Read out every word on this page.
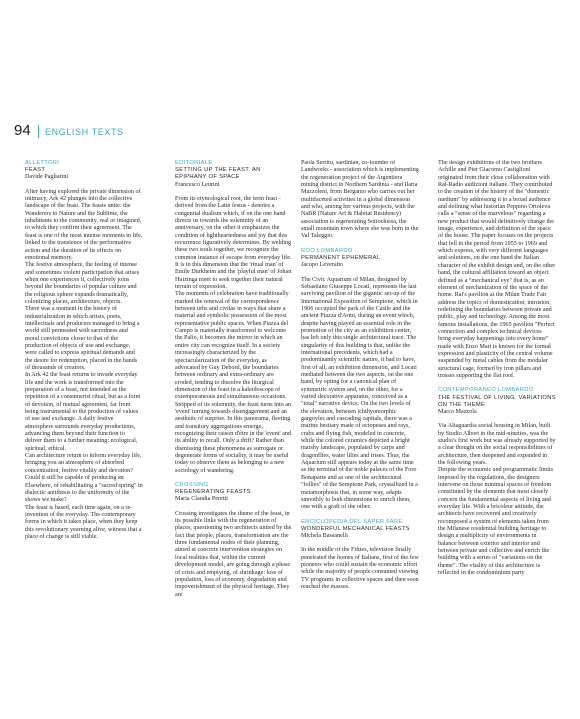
94 ENGLISH TEXTS

ALLETTORI

FEAST

Davide Pagliarini

After having explored the private dimension of intimacy, Ark 42 plunges into the collective landscape of the feast. The feasts unite: the Wanderers to Nature and the Sublime, the inhabitants to the community, real or imagined, to which they confirm their agreement. The feast is one of the most intense moments in life, linked to the transience of the performative action and the duration of its effects on emotional memory.

The festive atmosphere, the feeling of intense and sometimes violent participation that arises when one experiences it, collectively joins beyond the boundaries of popular culture and the religious sphere expands dramatically, colonizing places, architecture, objects.

There was a moment in the history of industrialization in which artists, poets, intellectuals and producers managed to bring a world still permeated with sacredness and moral convictions closer to that of the production of objects of use and exchange, were called to express spiritual demands and the desire for redemption, placed in the hands of thousands of creators.

In Ark 42 the feast returns to invade everyday life and the work is transformed into the preparation of a feast, not intended as the repetition of a consumerist ritual, but as a form of devotion, of mutual agreement, far from being instrumental to the production of values of use and exchange. A daily festive atmosphere surrounds everyday productions, advancing them beyond their function to deliver them to a further meaning: ecological, spiritual, ethical.

Can architecture return to inform everyday life, bringing you an atmosphere of absorbed concentration, festive vitality and devotion? Could it still be capable of producing an Elsewhere, of rehabilitating a "sacred spring" in dialectic antithesis to the uniformity of the shows we make?

The feast is based, each time again, on a re-invention of the everyday. The contemporary forms in which it takes place, when they keep this revolutionary yearning alive, witness that a place of change is still viable.

EDITORIALE

SETTING UP THE FEAST. AN EPIPHANY OF SPACE

Francesco Leurini

From its etymological root, the term feast - derived from the Latin festus - denotes a congenital dualism which, if on the one hand directs us towards the solemnity of an anniversary, on the other it emphasizes the condition of lightheartedness and joy that this recurrence figuratively determines. By welding these two souls together, we recognize the common instance of escape from everyday life. It is in this dimension that the 'ritual man' of Emile Durkheim and the 'playful man' of Johan Huizinga meet to seek together their natural terrain of expression.

The moments of celebration have traditionally marked the renewal of the correspondence between urbs and civitas in ways that share a material and symbolic possession of the most representative public spaces. When Piazza del Campo is materially transformed to welcome the Palio, it becomes the mirror in which an entire city can recognize itself. In a society increasingly characterized by the spectacularization of the everyday, as advocated by Guy Debord, the boundaries between ordinary and extra-ordinary are eroded, tending to dissolve the liturgical dimension of the feast in a kaleidoscope of extemporaneous and simultaneous occasions.

Stripped of its solemnity, the feast turns into an 'event' turning towards disengagement and an aesthetic of surprise. In this panorama, fleeting and transitory aggregations emerge, recognizing their raison d'être in the 'event' and its ability to recall. Only a drift? Rather than dismissing these phenomena as surrogate or degenerate forms of sociality, it may be useful today to observe them as belonging to a new sociology of wandering.

CROSSING

REGENERATING FEASTS

Maria Claudia Peretti

Crossing investigates the theme of the feast, in its possible links with the regeneration of places, questioning two architects united by the fact that people, places, transformation are the three fundamental nodes of their planning, aimed at concrete intervention strategies on local realities that, within the current development model, are going through a phase of crisis and emptying, of shrinkage: loss of population, loss of economy, degradation and impoverishment of the physical heritage. They are

Paola Serritu, sardinian, co-founder of Landworks - association which is implementing the regeneration project of the Argentiera mining district in Northern Sardinia - and Ilaria Mazzoleni, from Bergamo who carries out her multifaceted activities in a global dimension and who, among her various projects, with the NaBR (Nature Art & Habitat Residency) association is regenerating Sottochiesa, the small mountain town where she was born in the Val Taleggio.

ROO LOMBARDO

PERMANENT EPHEMERAL

Jacopo Leveratto

The Civic Aquarium of Milan, designed by Sebastiano Giuseppe Locati, represents the last surviving pavilion of the gigantic set-up of the International Exposition of Sempione, which in 1906 occupied the park of the Castle and the ancient Piazza d'Armi, during an event which, despite having played an essential role in the promotion of the city as an exhibition center, has left only this single architectural trace. The singularity of this building is that, unlike the international precedents, which had a predominantly scientific nature, it had to have, first of all, an exhibition dimension, and Locati mediated between the two aspects, on the one hand, by opting for a canonical plan of symmetric system and, on the other, for a varied decorative apparatus, conceived as a "total" narrative device. On the two levels of the elevation, between ichthyomorphic gargoyles and cascading capitals, there was a marine bestiary made of octopuses and rays, crabs and flying fish, modeled in concrete, while the colored ceramics depicted a bright marshy landscape, populated by carps and dragonflies, water lilies and irises. Thus, the Aquarium still appears today at the same time as the terminal of the noble palaces of the Foro Bonaparte and as one of the architectural "follies" of the Sempione Park, crystallized in a metamorphosis that, in some way, adapts smoothly to both dimensions to enrich them, one with a graft of the other.

ENCICLOPEDIA DEL SAPER FARE

WONDERFUL MECHANICAL FEASTS

Michela Bassanelli

In the middle of the Fifties, television finally penetrated the homes of Italians, first of the few pioneers who could sustain the economic effort while the majority of people consumed viewing TV programs in collective spaces and then soon reached the masses.

The design exhibitions of the two brothers Achille and Pier Giacomo Castiglioni originated from their close collaboration with Rai-Radio audizioni italiane. They contributed to the creation of the history of the "domestic medium" by addressing it to a broad audience and defining what historian Peppino Ortoleva calls a "sense of the marvelous" regarding a new product that would definitively change the image, experience, and definition of the space of the house. The paper focuses on the projects that fell in the period from 1955 to 1969 and which express, with very different languages and solutions, on the one hand the Italian character of the exhibit design and, on the other hand, the cultural affiliation toward an object defined as a "mechanical eye" that is, as an element of mechanization of the space of the home. Rai's pavilion at the Milan Trade Fair address the topics of domestication, intrusion, redefining the boundaries between private and public, play and technology. Among the most famous installations, the 1965 pavilion "Perfect connection and complex technical devices bring everyday happenings into every home" made with Enzo Mari is known for the formal expression and plasticity of the central volume suspended by metal cables from the modular structural cage, formed by iron pillars and trusses supporting the flat roof.

CONTEMPORANEO LOMBARDO

THE FESTIVAL OF LIVING. VARIATIONS ON THE THEME

Marco Mazzola

Via Altaguardia social housing in Milan, built by Studio Albori in the mid-nineties, was the studio's first work but was already supported by a clear thought on the social responsibilities of architecture, then deepened and expanded in the following years.

Despite the economic and programmatic limits imposed by the regulations, the designers intervene on those minimal spaces of freedom constituted by the elements that most closely concern the fundamental aspects of living and everyday life. With a bricoleur attitude, the architects have recovered and creatively recomposed a system of elements taken from the Milanese residential building heritage to design a multiplicity of environments in balance between exterior and interior and between private and collective and enrich the building with a series of "variations on the theme". The vitality of this architecture is reflected in the condominium party
